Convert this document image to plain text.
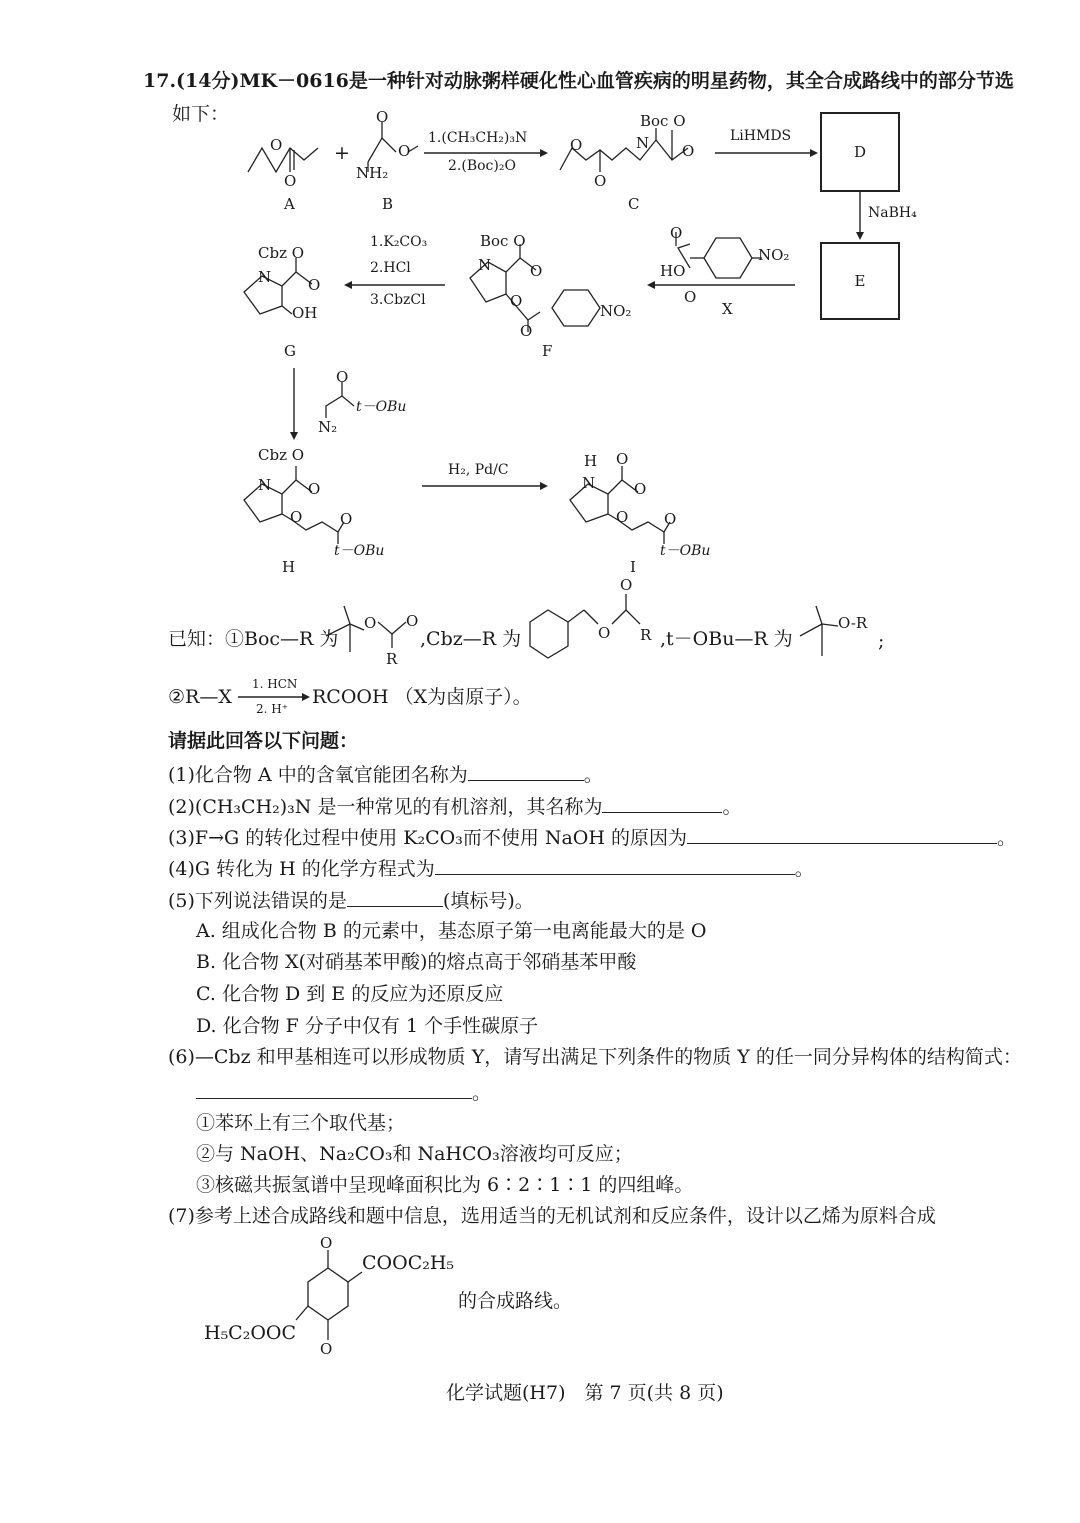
17.(14分)MK－0616是一种针对动脉粥样硬化性心血管疾病的明星药物，其全合成路线中的部分节选
如下：
O
O
A
+
O
O
NH₂
B
1.(CH₃CH₂)₃N
2.(Boc)₂O
O
O
Boc O
N O
C
LiHMDS
D
NaBH₄
E
O
HO
NO₂
O
X
Boc O
N	O
O
O
NO₂
F
1.K₂CO₃
2.HCl
3.CbzCl
Cbz O
N O
OH
G
O
t－OBu
N₂
Cbz O
N O
O	O
t－OBu
H
H₂, Pd/C	H
N
O
O
O O
t－OBu
I
已知：①Boc—R 为
O O
R
,Cbz—R 为	O
O
R ,t－OBu—R 为
O-R
;
②R—X
1. HCN
2. H⁺
RCOOH （X为卤原子）。
请据此回答以下问题：
(1)化合物 A 中的含氧官能团名称为	。
(2)(CH₃CH₂)₃N 是一种常见的有机溶剂，其名称为	。
(3)F→G 的转化过程中使用 K₂CO₃而不使用 NaOH 的原因为	。
(4)G 转化为 H 的化学方程式为	。
(5)下列说法错误的是	(填标号)。
A. 组成化合物 B 的元素中，基态原子第一电离能最大的是 O
B. 化合物 X(对硝基苯甲酸)的熔点高于邻硝基苯甲酸
C. 化合物 D 到 E 的反应为还原反应
D. 化合物 F 分子中仅有 1 个手性碳原子
(6)—Cbz 和甲基相连可以形成物质 Y，请写出满足下列条件的物质 Y 的任一同分异构体的结构简式：
。
①苯环上有三个取代基；
②与 NaOH、Na₂CO₃和 NaHCO₃溶液均可反应；
③核磁共振氢谱中呈现峰面积比为 6∶2∶1∶1 的四组峰。
(7)参考上述合成路线和题中信息，选用适当的无机试剂和反应条件，设计以乙烯为原料合成
O
COOC₂H₅
H₅C₂OOC
O
的合成路线。
化学试题(H7)　第 7 页(共 8 页)
